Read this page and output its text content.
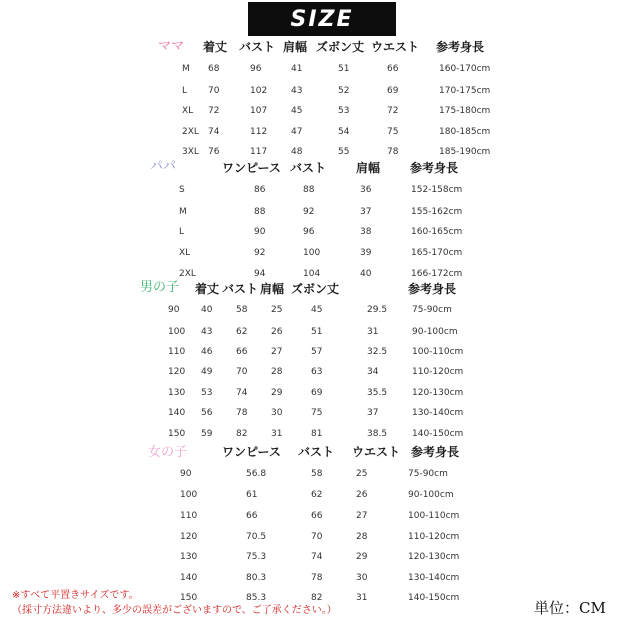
SIZE
ママ 着丈 バスト 肩幅 ズボン丈 ウエスト 参考身長
M 68	96	41	51	66	160-170cm
L 70	102	43	52	69	170-175cm
XL 72	107	45	53	72	175-180cm
2XL 74	112	47	54	75	180-185cm
3XL 76	117	48	55	78	185-190cm
パパ	ワンピース バスト 肩幅 参考身長
S	86	88	36	152-158cm
M	88	92	37	155-162cm
L	90	96	38	160-165cm
XL	92	100	39	165-170cm
2XL	94	104	40	166-172cm
男の子 着丈 バスト 肩幅 ズボン丈	参考身長
90 40	58	25	45	29.5	75-90cm
100 43	62	26	51	31	90-100cm
110 46	66	27	57	32.5	100-110cm
120 49	70	28	63	34	110-120cm
130 53	74	29	69	35.5	120-130cm
140 56	78	30	75	37	130-140cm
150 59	82	31	81	38.5	140-150cm
女の子	ワンピース バスト ウエスト 参考身長
90	56.8	58	25	75-90cm
100	61	62	26	90-100cm
110	66	66	27	100-110cm
120	70.5	70	28	110-120cm
130	75.3	74	29	120-130cm
140	80.3	78	30	130-140cm
150	85.3	82	31	140-150cm
※すべて平置きサイズです。
（採寸方法違いより、多少の誤差がございますので、ご了承ください。）	単位：CM
